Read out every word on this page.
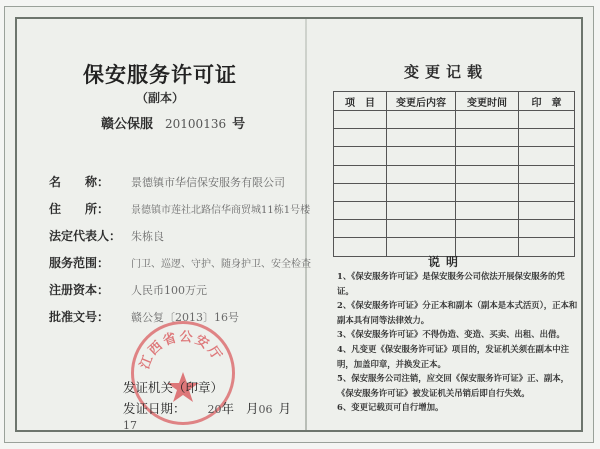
保安服务许可证
（副本）
赣公保服 20100136 号
名　　称： 景德镇市华信保安服务有限公司
住　　所： 景德镇市莲社北路信华商贸城11栋1号楼
法定代表人： 朱栋良
服务范围： 门卫、巡逻、守护、随身护卫、安全检查
注册资本： 人民币100万元
批准文号： 赣公复〔2013〕16号
江西省公安厅
发证机关（印章）
发证日期： 20年 月06 月17
变更记载
项　目	变更后内容	变更时间	印　章

说明
1、《保安服务许可证》是保安服务公司依法开展保安服务的凭证。
2、《保安服务许可证》分正本和副本（副本是本式活页），正本和副本具有同等法律效力。
3、《保安服务许可证》不得伪造、变造、买卖、出租、出借。
4、凡变更《保安服务许可证》项目的，发证机关须在副本中注明，加盖印章，并换发正本。
5、保安服务公司注销，应交回《保安服务许可证》正、副本，《保安服务许可证》被发证机关吊销后即自行失效。
6、变更记载页可自行增加。
